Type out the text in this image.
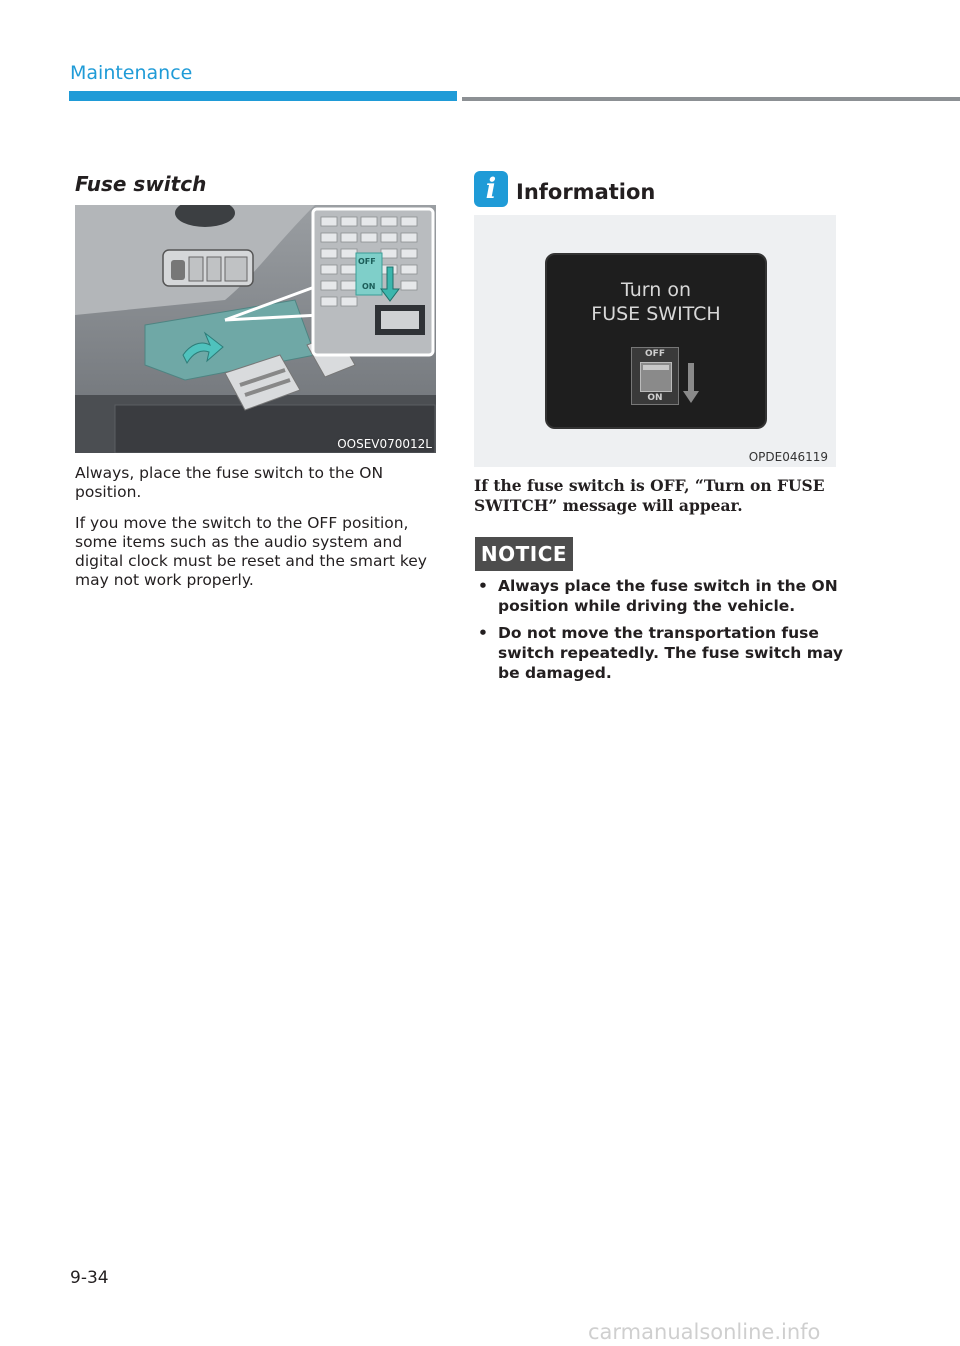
Maintenance
Fuse switch
OFF
ON
OOSEV070012L
Always, place the fuse switch to the ON position.
If you move the switch to the OFF position, some items such as the audio system and digital clock must be reset and the smart key may not work properly.
i Information
Turn on
FUSE SWITCH
OFF
ON
OPDE046119
If the fuse switch is OFF, “Turn on FUSE SWITCH” message will appear.
NOTICE
• Always place the fuse switch in the ON position while driving the vehicle.
• Do not move the transportation fuse switch repeatedly. The fuse switch may be damaged.
9-34
carmanualsonline.info
